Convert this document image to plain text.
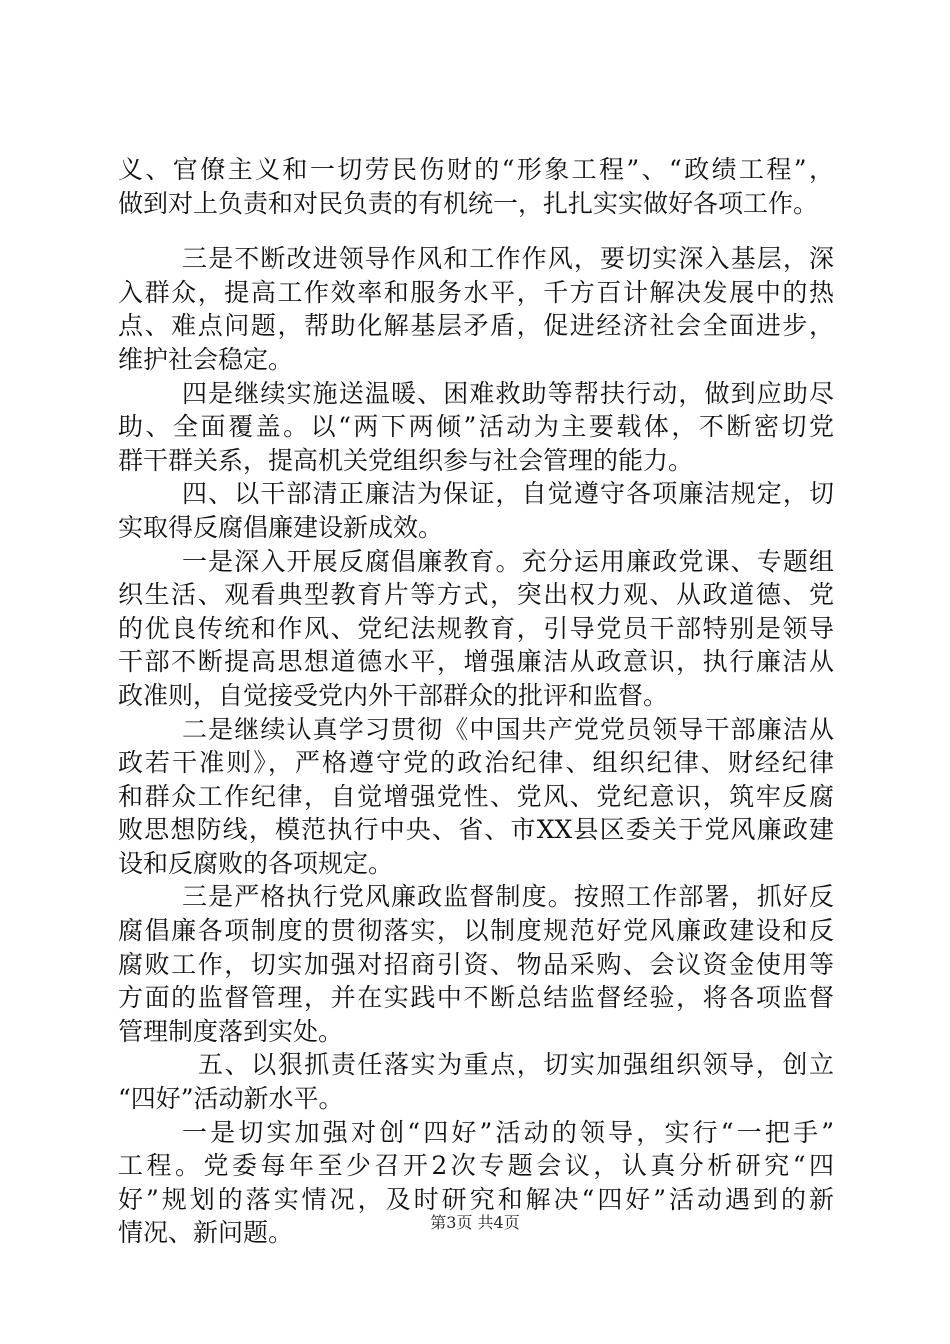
义、官僚主义和一切劳民伤财的“形象工程”、“政绩工程”，
做到对上负责和对民负责的有机统一，扎扎实实做好各项工作。
三是不断改进领导作风和工作作风，要切实深入基层，深
入群众，提高工作效率和服务水平，千方百计解决发展中的热
点、难点问题，帮助化解基层矛盾，促进经济社会全面进步，
维护社会稳定。
四是继续实施送温暖、困难救助等帮扶行动，做到应助尽
助、全面覆盖。以“两下两倾”活动为主要载体，不断密切党
群干群关系，提高机关党组织参与社会管理的能力。
四、以干部清正廉洁为保证，自觉遵守各项廉洁规定，切
实取得反腐倡廉建设新成效。
一是深入开展反腐倡廉教育。充分运用廉政党课、专题组
织生活、观看典型教育片等方式，突出权力观、从政道德、党
的优良传统和作风、党纪法规教育，引导党员干部特别是领导
干部不断提高思想道德水平，增强廉洁从政意识，执行廉洁从
政准则，自觉接受党内外干部群众的批评和监督。
二是继续认真学习贯彻《中国共产党党员领导干部廉洁从
政若干准则》，严格遵守党的政治纪律、组织纪律、财经纪律
和群众工作纪律，自觉增强党性、党风、党纪意识，筑牢反腐
败思想防线，模范执行中央、省、市XX县区委关于党风廉政建
设和反腐败的各项规定。
三是严格执行党风廉政监督制度。按照工作部署，抓好反
腐倡廉各项制度的贯彻落实，以制度规范好党风廉政建设和反
腐败工作，切实加强对招商引资、物品采购、会议资金使用等
方面的监督管理，并在实践中不断总结监督经验，将各项监督
管理制度落到实处。
五、以狠抓责任落实为重点，切实加强组织领导，创立
“四好”活动新水平。
一是切实加强对创“四好”活动的领导，实行“一把手”
工程。党委每年至少召开2次专题会议，认真分析研究“四
好”规划的落实情况，及时研究和解决“四好”活动遇到的新
情况、新问题。	第3页 共4页
